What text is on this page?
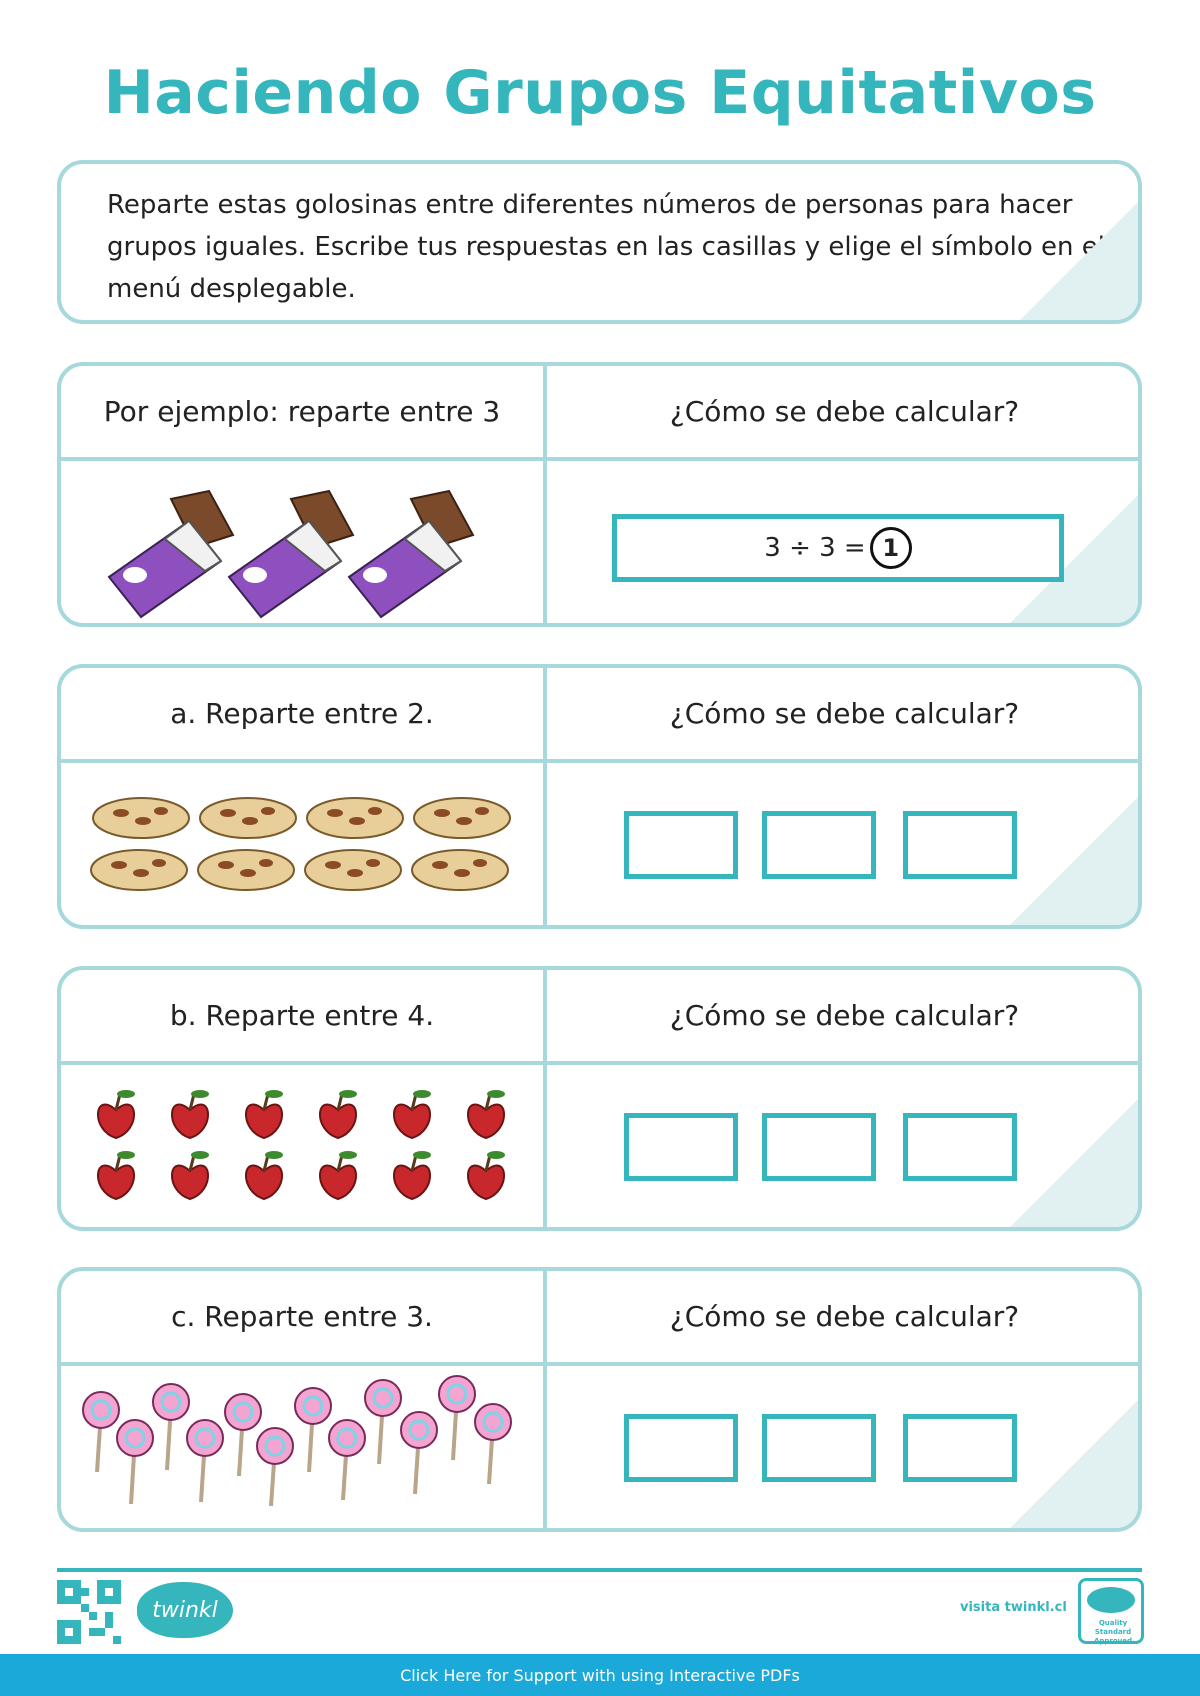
Haciendo Grupos Equitativos

Reparte estas golosinas entre diferentes números de personas para hacer grupos iguales. Escribe tus respuestas en las casillas y elige el símbolo en el menú desplegable.

Por ejemplo: reparte entre 3	¿Cómo se debe calcular?
3 ÷ 3 = 1
a. Reparte entre 2.	¿Cómo se debe calcular?
b. Reparte entre 4.	¿Cómo se debe calcular?
c. Reparte entre 3.	¿Cómo se debe calcular?
twinkl	visita twinkl.cl
Quality Standard Approved
Click Here for Support with using Interactive PDFs
